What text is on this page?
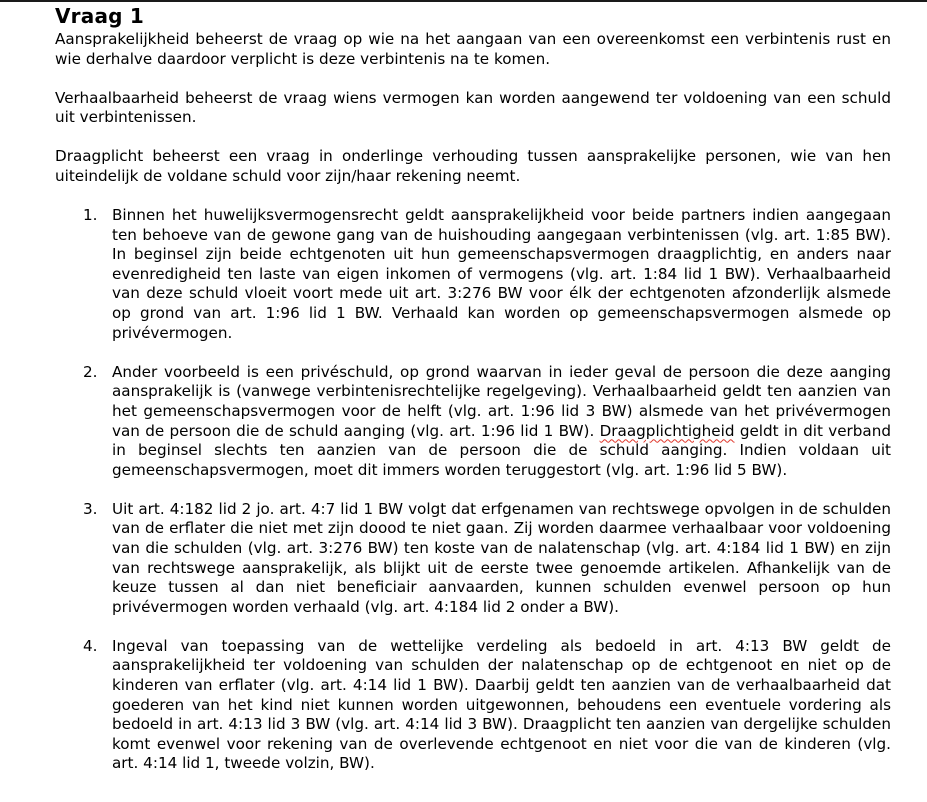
Vraag 1

Aansprakelijkheid beheerst de vraag op wie na het aangaan van een overeenkomst een verbintenis rust en wie derhalve daardoor verplicht is deze verbintenis na te komen.

Verhaalbaarheid beheerst de vraag wiens vermogen kan worden aangewend ter voldoening van een schuld uit verbintenissen.

Draagplicht beheerst een vraag in onderlinge verhouding tussen aansprakelijke personen, wie van hen uiteindelijk de voldane schuld voor zijn/haar rekening neemt.

1. Binnen het huwelijksvermogensrecht geldt aansprakelijkheid voor beide partners indien aangegaan ten behoeve van de gewone gang van de huishouding aangegaan verbintenissen (vlg. art. 1:85 BW). In beginsel zijn beide echtgenoten uit hun gemeenschapsvermogen draagplichtig, en anders naar evenredigheid ten laste van eigen inkomen of vermogens (vlg. art. 1:84 lid 1 BW). Verhaalbaarheid van deze schuld vloeit voort mede uit art. 3:276 BW voor élk der echtgenoten afzonderlijk alsmede op grond van art. 1:96 lid 1 BW. Verhaald kan worden op gemeenschapsvermogen alsmede op privévermogen.

2. Ander voorbeeld is een privéschuld, op grond waarvan in ieder geval de persoon die deze aanging aansprakelijk is (vanwege verbintenisrechtelijke regelgeving). Verhaalbaarheid geldt ten aanzien van het gemeenschapsvermogen voor de helft (vlg. art. 1:96 lid 3 BW) alsmede van het privévermogen van de persoon die de schuld aanging (vlg. art. 1:96 lid 1 BW). Draagplichtigheid geldt in dit verband in beginsel slechts ten aanzien van de persoon die de schuld aanging. Indien voldaan uit gemeenschapsvermogen, moet dit immers worden teruggestort (vlg. art. 1:96 lid 5 BW).

3. Uit art. 4:182 lid 2 jo. art. 4:7 lid 1 BW volgt dat erfgenamen van rechtswege opvolgen in de schulden van de erflater die niet met zijn doood te niet gaan. Zij worden daarmee verhaalbaar voor voldoening van die schulden (vlg. art. 3:276 BW) ten koste van de nalatenschap (vlg. art. 4:184 lid 1 BW) en zijn van rechtswege aansprakelijk, als blijkt uit de eerste twee genoemde artikelen. Afhankelijk van de keuze tussen al dan niet beneficiair aanvaarden, kunnen schulden evenwel persoon op hun privévermogen worden verhaald (vlg. art. 4:184 lid 2 onder a BW).

4. Ingeval van toepassing van de wettelijke verdeling als bedoeld in art. 4:13 BW geldt de aansprakelijkheid ter voldoening van schulden der nalatenschap op de echtgenoot en niet op de kinderen van erflater (vlg. art. 4:14 lid 1 BW). Daarbij geldt ten aanzien van de verhaalbaarheid dat goederen van het kind niet kunnen worden uitgewonnen, behoudens een eventuele vordering als bedoeld in art. 4:13 lid 3 BW (vlg. art. 4:14 lid 3 BW). Draagplicht ten aanzien van dergelijke schulden komt evenwel voor rekening van de overlevende echtgenoot en niet voor die van de kinderen (vlg. art. 4:14 lid 1, tweede volzin, BW).
